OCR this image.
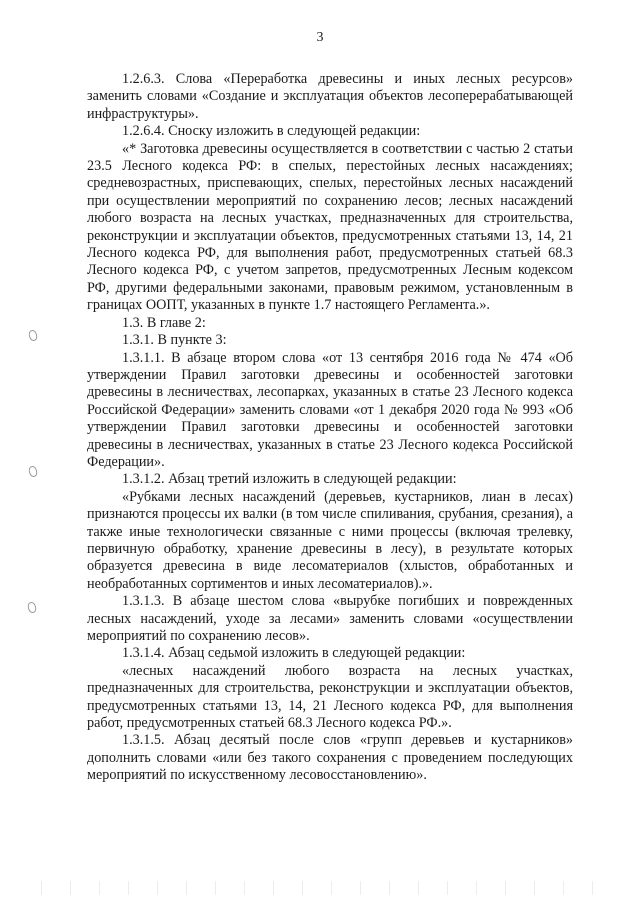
3

1.2.6.3. Слова «Переработка древесины и иных лесных ресурсов» заменить словами «Создание и эксплуатация объектов лесоперерабатывающей инфраструктуры».

1.2.6.4. Сноску изложить в следующей редакции:

«* Заготовка древесины осуществляется в соответствии с частью 2 статьи 23.5 Лесного кодекса РФ: в спелых, перестойных лесных насаждениях; средневозрастных, приспевающих, спелых, перестойных лесных насаждений при осуществлении мероприятий по сохранению лесов; лесных насаждений любого возраста на лесных участках, предназначенных для строительства, реконструкции и эксплуатации объектов, предусмотренных статьями 13, 14, 21 Лесного кодекса РФ, для выполнения работ, предусмотренных статьей 68.3 Лесного кодекса РФ, с учетом запретов, предусмотренных Лесным кодексом РФ, другими федеральными законами, правовым режимом, установленным в границах ООПТ, указанных в пункте 1.7 настоящего Регламента.».

1.3. В главе 2:

1.3.1. В пункте 3:

1.3.1.1. В абзаце втором слова «от 13 сентября 2016 года № 474 «Об утверждении Правил заготовки древесины и особенностей заготовки древесины в лесничествах, лесопарках, указанных в статье 23 Лесного кодекса Российской Федерации» заменить словами «от 1 декабря 2020 года № 993 «Об утверждении Правил заготовки древесины и особенностей заготовки древесины в лесничествах, указанных в статье 23 Лесного кодекса Российской Федерации».

1.3.1.2. Абзац третий изложить в следующей редакции:

«Рубками лесных насаждений (деревьев, кустарников, лиан в лесах) признаются процессы их валки (в том числе спиливания, срубания, срезания), а также иные технологически связанные с ними процессы (включая трелевку, первичную обработку, хранение древесины в лесу), в результате которых образуется древесина в виде лесоматериалов (хлыстов, обработанных и необработанных сортиментов и иных лесоматериалов).».

1.3.1.3. В абзаце шестом слова «вырубке погибших и поврежденных лесных насаждений, уходе за лесами» заменить словами «осуществлении мероприятий по сохранению лесов».

1.3.1.4. Абзац седьмой изложить в следующей редакции:

«лесных насаждений любого возраста на лесных участках, предназначенных для строительства, реконструкции и эксплуатации объектов, предусмотренных статьями 13, 14, 21 Лесного кодекса РФ, для выполнения работ, предусмотренных статьей 68.3 Лесного кодекса РФ.».

1.3.1.5. Абзац десятый после слов «групп деревьев и кустарников» дополнить словами «или без такого сохранения с проведением последующих мероприятий по искусственному лесовосстановлению».
